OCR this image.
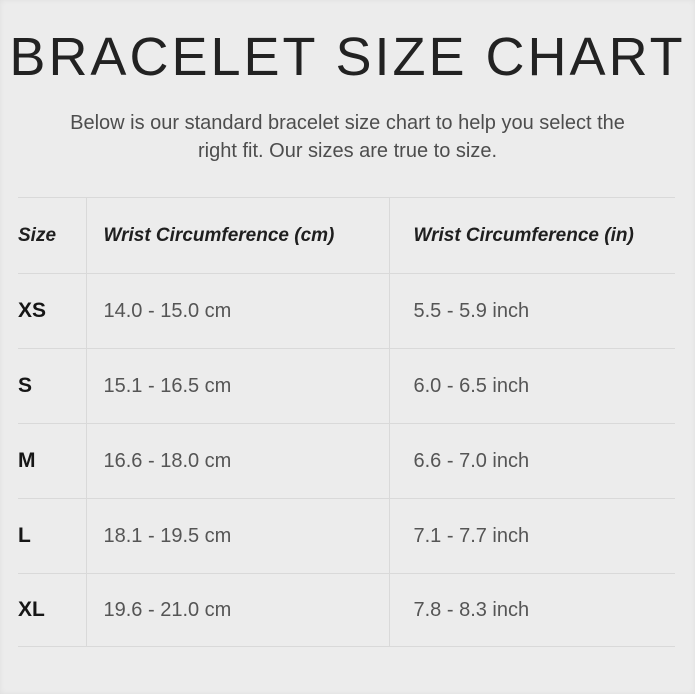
BRACELET SIZE CHART
Below is our standard bracelet size chart to help you select the right fit. Our sizes are true to size.
Size	Wrist Circumference (cm)	Wrist Circumference (in)
XS	14.0 - 15.0 cm	5.5 - 5.9 inch
S	15.1 - 16.5 cm	6.0 - 6.5 inch
M	16.6 - 18.0 cm	6.6 - 7.0 inch
L	18.1 - 19.5 cm	7.1 - 7.7 inch
XL	19.6 - 21.0 cm	7.8 - 8.3 inch
